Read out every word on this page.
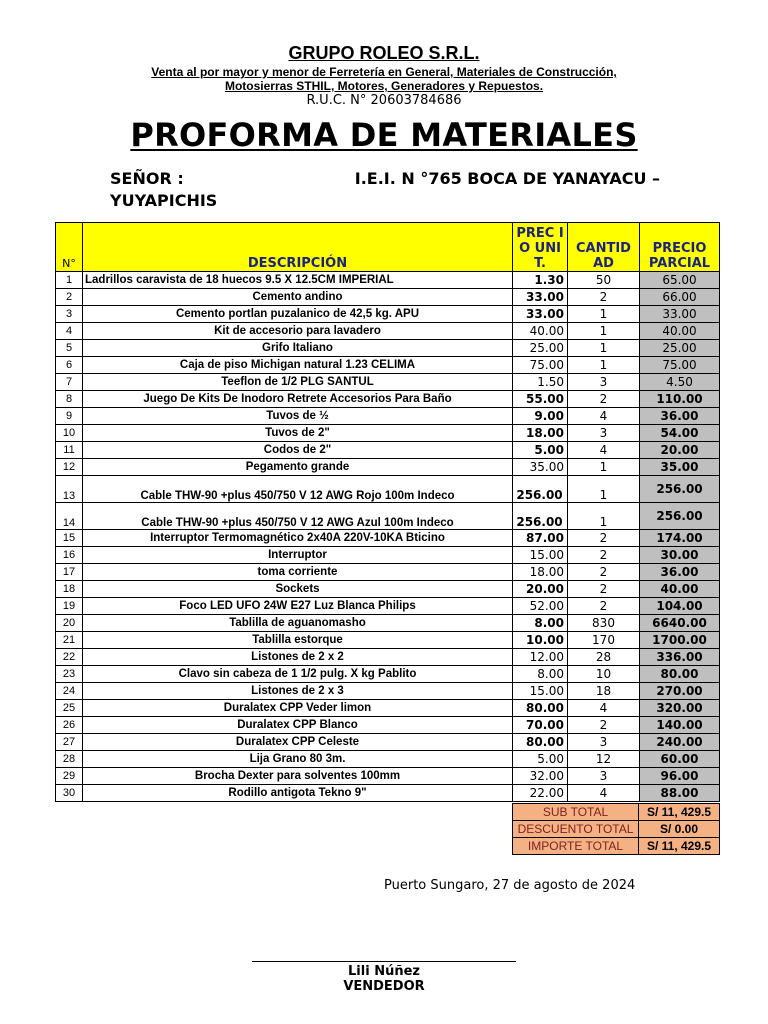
GRUPO ROLEO S.R.L.
Venta al por mayor y menor de Ferretería en General, Materiales de Construcción,
Motosierras STHIL, Motores, Generadores y Repuestos.
R.U.C. N° 20603784686
PROFORMA DE MATERIALES
SEÑOR :	I.E.I. N °765 BOCA DE YANAYACU –
YUYAPICHIS
N°	DESCRIPCIÓN	PREC IO UNIT.	CANTID AD	PRECIO PARCIAL
1	Ladrillos caravista de 18 huecos 9.5 X 12.5CM IMPERIAL	1.30	50	65.00
2	Cemento andino	33.00	2	66.00
3	Cemento portlan puzalanico de 42,5 kg. APU	33.00	1	33.00
4	Kit de accesorio para lavadero	40.00	1	40.00
5	Grifo Italiano	25.00	1	25.00
6	Caja de piso Michigan natural 1.23 CELIMA	75.00	1	75.00
7	Teeflon de 1/2 PLG SANTUL	1.50	3	4.50
8	Juego De Kits De Inodoro Retrete Accesorios Para Baño	55.00	2	110.00
9	Tuvos de ½	9.00	4	36.00
10	Tuvos de 2"	18.00	3	54.00
11	Codos de 2"	5.00	4	20.00
12	Pegamento grande	35.00	1	35.00
13	Cable THW-90 +plus 450/750 V 12 AWG Rojo 100m Indeco	256.00	1	256.00
14	Cable THW-90 +plus 450/750 V 12 AWG Azul 100m Indeco	256.00	1	256.00
15	Interruptor Termomagnético 2x40A 220V-10KA Bticino	87.00	2	174.00
16	Interruptor	15.00	2	30.00
17	toma corriente	18.00	2	36.00
18	Sockets	20.00	2	40.00
19	Foco LED UFO 24W E27 Luz Blanca Philips	52.00	2	104.00
20	Tablilla de aguanomasho	8.00	830	6640.00
21	Tablilla estorque	10.00	170	1700.00
22	Listones de 2 x 2	12.00	28	336.00
23	Clavo sin cabeza de 1 1/2 pulg. X kg Pablito	8.00	10	80.00
24	Listones de 2 x 3	15.00	18	270.00
25	Duralatex CPP Veder limon	80.00	4	320.00
26	Duralatex CPP Blanco	70.00	2	140.00
27	Duralatex CPP Celeste	80.00	3	240.00
28	Lija Grano 80 3m.	5.00	12	60.00
29	Brocha Dexter para solventes 100mm	32.00	3	96.00
30	Rodillo antigota Tekno 9"	22.00	4	88.00
SUB TOTAL	S/ 11, 429.5
DESCUENTO TOTAL	S/ 0.00
IMPORTE TOTAL	S/ 11, 429.5
Puerto Sungaro, 27 de agosto de 2024
Lili Núñez
VENDEDOR
